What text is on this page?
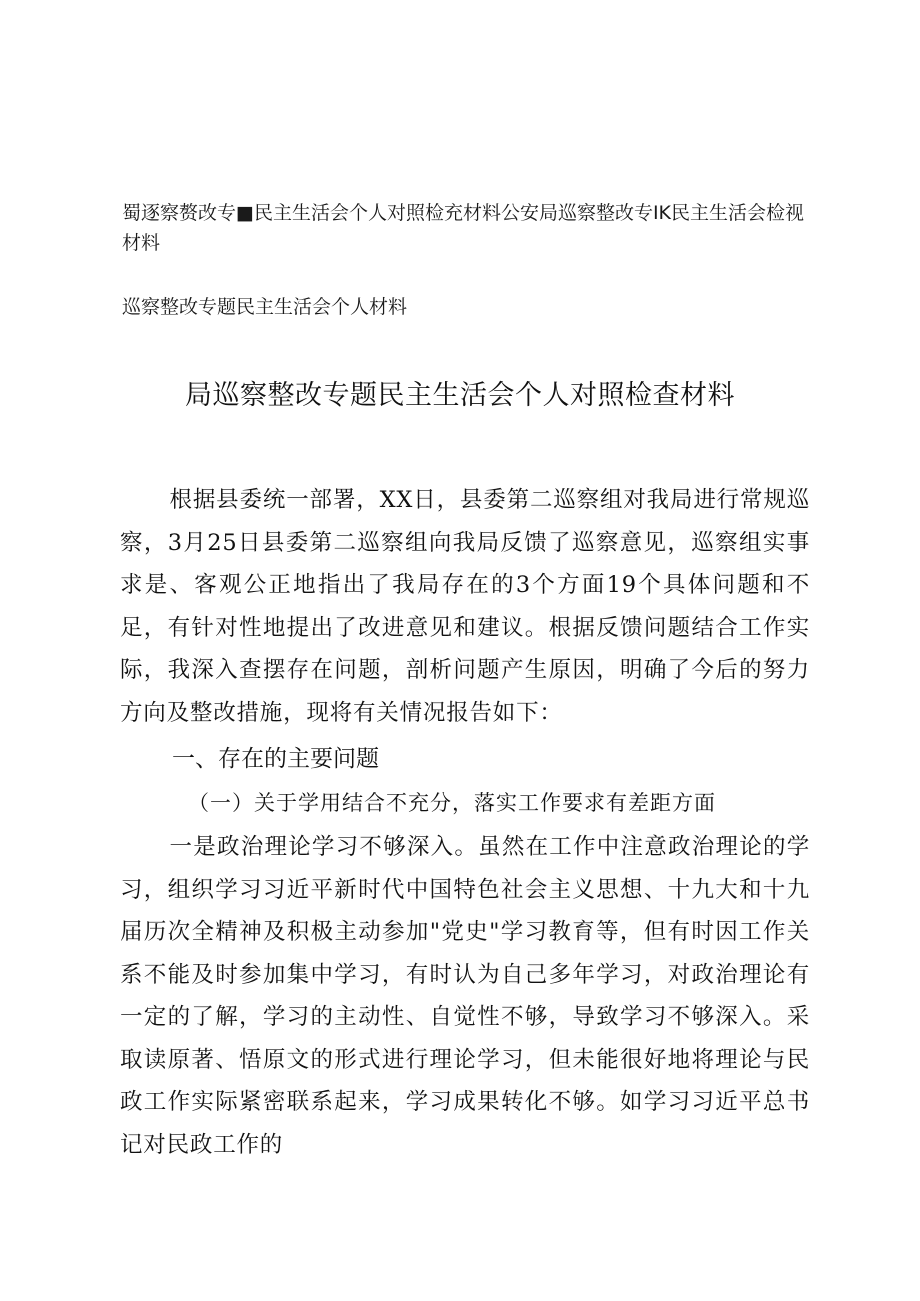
蜀逐察赘改专■民主生活会个人对照检充材料公安局巡察整改专IK民主生活会检视材料
巡察整改专题民主生活会个人材料
局巡察整改专题民主生活会个人对照检查材料
根据县委统一部署，XX日，县委第二巡察组对我局进行常规巡察，3月25日县委第二巡察组向我局反馈了巡察意见，巡察组实事求是、客观公正地指出了我局存在的3个方面19个具体问题和不足，有针对性地提出了改进意见和建议。根据反馈问题结合工作实际，我深入查摆存在问题，剖析问题产生原因，明确了今后的努力方向及整改措施，现将有关情况报告如下：
一、存在的主要问题
（一）关于学用结合不充分，落实工作要求有差距方面
一是政治理论学习不够深入。虽然在工作中注意政治理论的学习，组织学习习近平新时代中国特色社会主义思想、十九大和十九届历次全精神及积极主动参加"党史"学习教育等，但有时因工作关系不能及时参加集中学习，有时认为自己多年学习，对政治理论有一定的了解，学习的主动性、自觉性不够，导致学习不够深入。采取读原著、悟原文的形式进行理论学习，但未能很好地将理论与民政工作实际紧密联系起来，学习成果转化不够。如学习习近平总书记对民政工作的
